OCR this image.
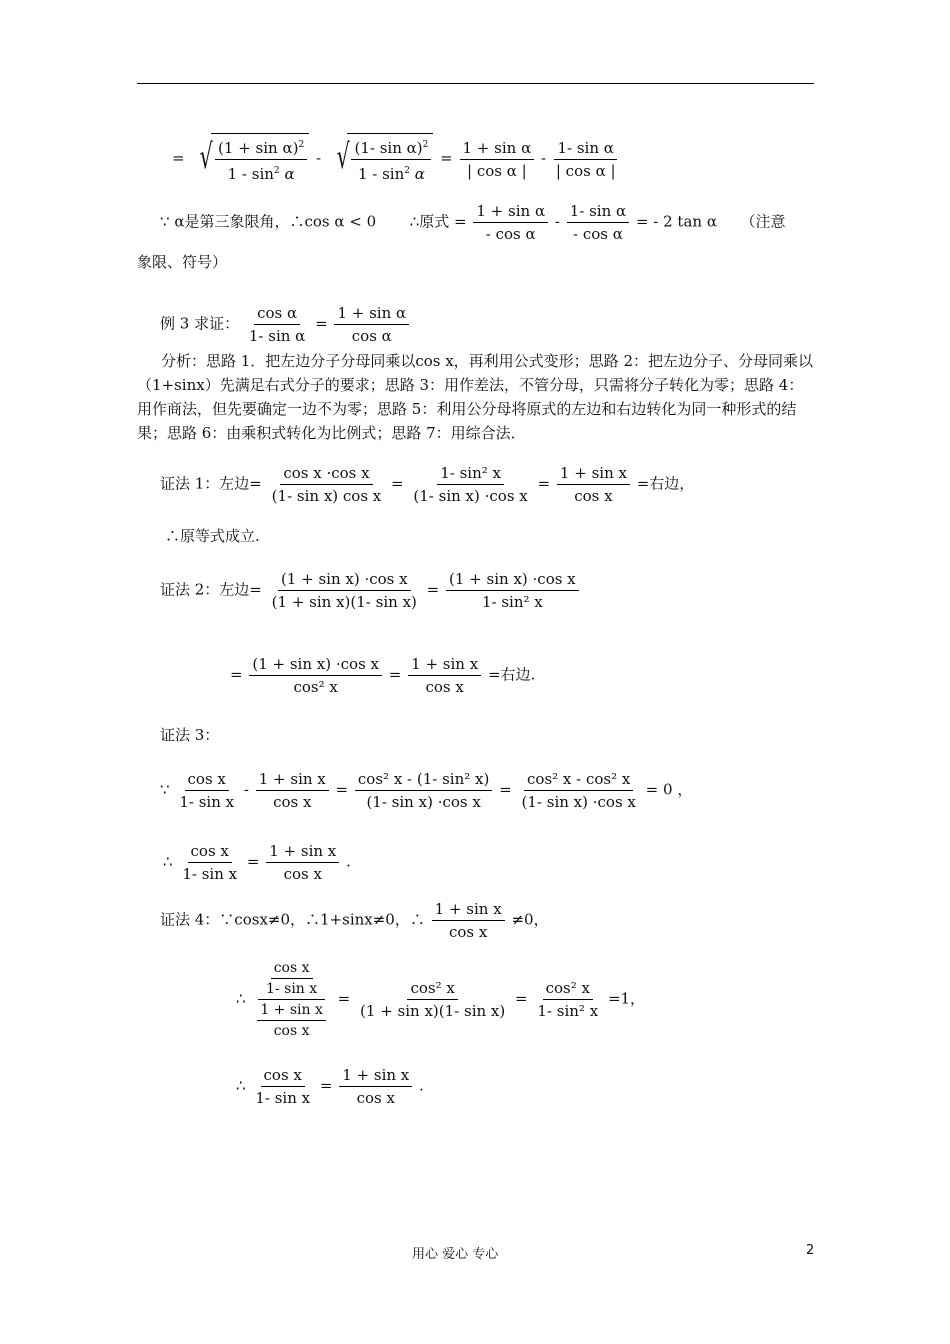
= √ $\frac{(1 + \sin \alpha)^2}{1 - \sin^2 \alpha}$ - √ $\frac{(1- \sin \alpha)^2}{1 - \sin^2 \alpha} = \frac{\text{1 + sin α}}{\text{| cos α |}} - \frac{\text{1- sin α}}{\text{| cos α |}}$
∵ α是第三象限角，∴cos α < 0 ∴原式 = $\frac{\text{1 + sin α}}{\text{- cos α}} - \frac{\text{1- sin α}}{\text{- cos α}}$ = - 2 tan α （注意
象限、符号）
例 3 求证： $\frac{\text{cos α}}{\text{1- sin α}} = \frac{\text{1 + sin α}}{\text{cos α}}$
分析：思路 1．把左边分子分母同乘以cos x，再利用公式变形；思路 2：把左边分子、分母同乘以（1+sinx）先满足右式分子的要求；思路 3：用作差法，不管分母，只需将分子转化为零；思路 4：用作商法，但先要确定一边不为零；思路 5：利用公分母将原式的左边和右边转化为同一种形式的结果；思路 6：由乘积式转化为比例式；思路 7：用综合法．
证法 1：左边= $\frac{\text{cos x ·cos x}}{\text{(1- sin x) cos x}} = \frac{\text{1- sin² x}}{\text{(1- sin x) ·cos x}} = \frac{\text{1 + sin x}}{\text{cos x}}$ =右边，
∴原等式成立.
证法 2：左边= $\frac{\text{(1 + sin x) ·cos x}}{\text{(1 + sin x)(1- sin x)}} = \frac{\text{(1 + sin x) ·cos x}}{\text{1- sin² x}}$
= $\frac{\text{(1 + sin x) ·cos x}}{\text{cos² x}} = \frac{\text{1 + sin x}}{\text{cos x}}$ =右边.
证法 3：
∵ $\frac{\text{cos x}}{\text{1- sin x}} - \frac{\text{1 + sin x}}{\text{cos x}} = \frac{\text{cos² x - (1- sin² x)}}{\text{(1- sin x) ·cos x}} = \frac{\text{cos² x - cos² x}}{\text{(1- sin x) ·cos x}} = 0$ ，
∴ $\frac{\text{cos x}}{\text{1- sin x}} = \frac{\text{1 + sin x}}{\text{cos x}}$ .
证法 4：∵cosx≠0，∴1+sinx≠0，∴ $\frac{\text{1 + sin x}}{\text{cos x}} \ne 0$，
∴ $\frac{\frac{\text{cos x}}{\text{1- sin x}}}{\frac{\text{1 + sin x}}{\text{cos x}}} = \frac{\text{cos² x}}{\text{(1 + sin x)(1- sin x)}} = \frac{\text{cos² x}}{\text{1- sin² x}} =1$，
∴ $\frac{\text{cos x}}{\text{1- sin x}} = \frac{\text{1 + sin x}}{\text{cos x}}$ .
用心 爱心 专心	2
